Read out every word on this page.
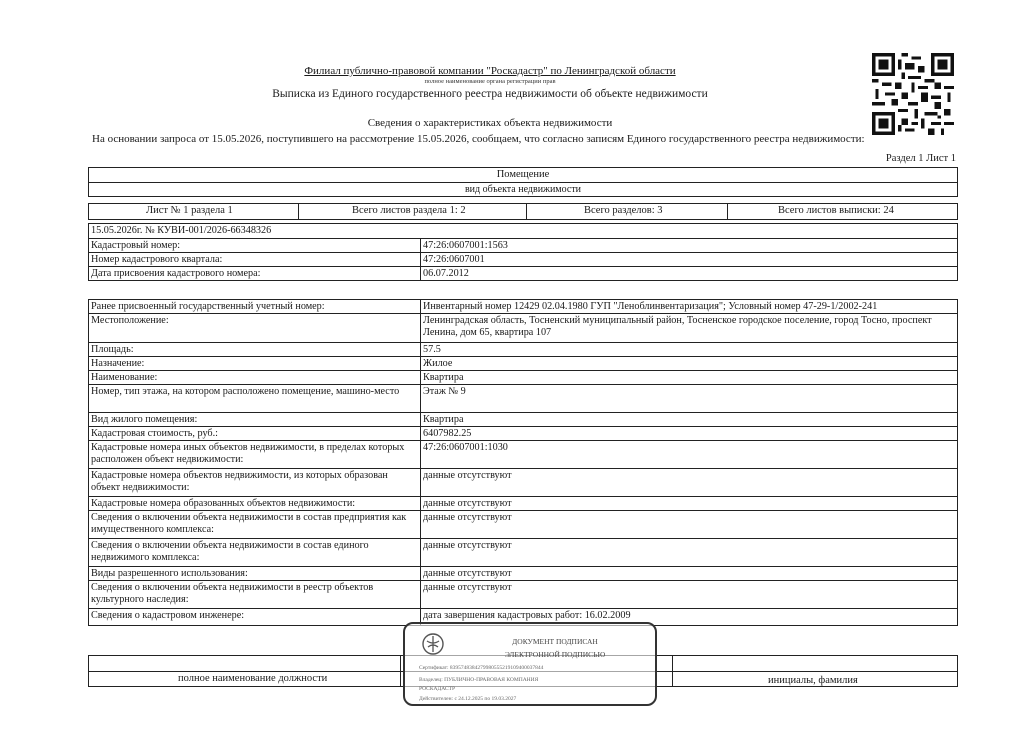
Филиал публично-правовой компании "Роскадастр" по Ленинградской области
полное наименование органа регистрации прав
Выписка из Единого государственного реестра недвижимости об объекте недвижимости
Сведения о характеристиках объекта недвижимости
На основании запроса от 15.05.2026, поступившего на рассмотрение 15.05.2026, сообщаем, что согласно записям Единого государственного реестра недвижимости:
Раздел 1 Лист 1
Помещение
вид объекта недвижимости
Лист № 1 раздела 1	Всего листов раздела 1: 2	Всего разделов: 3	Всего листов выписки: 24
15.05.2026г. № КУВИ-001/2026-66348326
Кадастровый номер:	47:26:0607001:1563
Номер кадастрового квартала:	47:26:0607001
Дата присвоения кадастрового номера:	06.07.2012
Ранее присвоенный государственный учетный номер:	Инвентарный номер 12429 02.04.1980 ГУП "Леноблинвентаризация"; Условный номер 47-29-1/2002-241
Местоположение:	Ленинградская область, Тосненский муниципальный район, Тосненское городское поселение, город Тосно, проспект Ленина, дом 65, квартира 107
Площадь:	57.5
Назначение:	Жилое
Наименование:	Квартира
Номер, тип этажа, на котором расположено помещение, машино-место	Этаж № 9
Вид жилого помещения:	Квартира
Кадастровая стоимость, руб.:	6407982.25
Кадастровые номера иных объектов недвижимости, в пределах которых расположен объект недвижимости:
47:26:0607001:1030
Кадастровые номера объектов недвижимости, из которых образован объект недвижимости:
данные отсутствуют
Кадастровые номера образованных объектов недвижимости:	данные отсутствуют
Сведения о включении объекта недвижимости в состав предприятия как имущественного комплекса:
данные отсутствуют
Сведения о включении объекта недвижимости в состав единого недвижимого комплекса:
данные отсутствуют
Виды разрешенного использования:	данные отсутствуют
Сведения о включении объекта недвижимости в реестр объектов культурного наследия:
данные отсутствуют
Сведения о кадастровом инженере:	дата завершения кадастровых работ: 16.02.2009
полное наименование должности	инициалы, фамилия
ДОКУМЕНТ ПОДПИСАН
ЭЛЕКТРОННОЙ ПОДПИСЬЮ
Сертификат: 8395748384279980555219109400037844
Владелец: ПУБЛИЧНО-ПРАВОВАЯ КОМПАНИЯ
РОСКАДАСТР
Действителен: с 24.12.2025 по 19.03.2027
